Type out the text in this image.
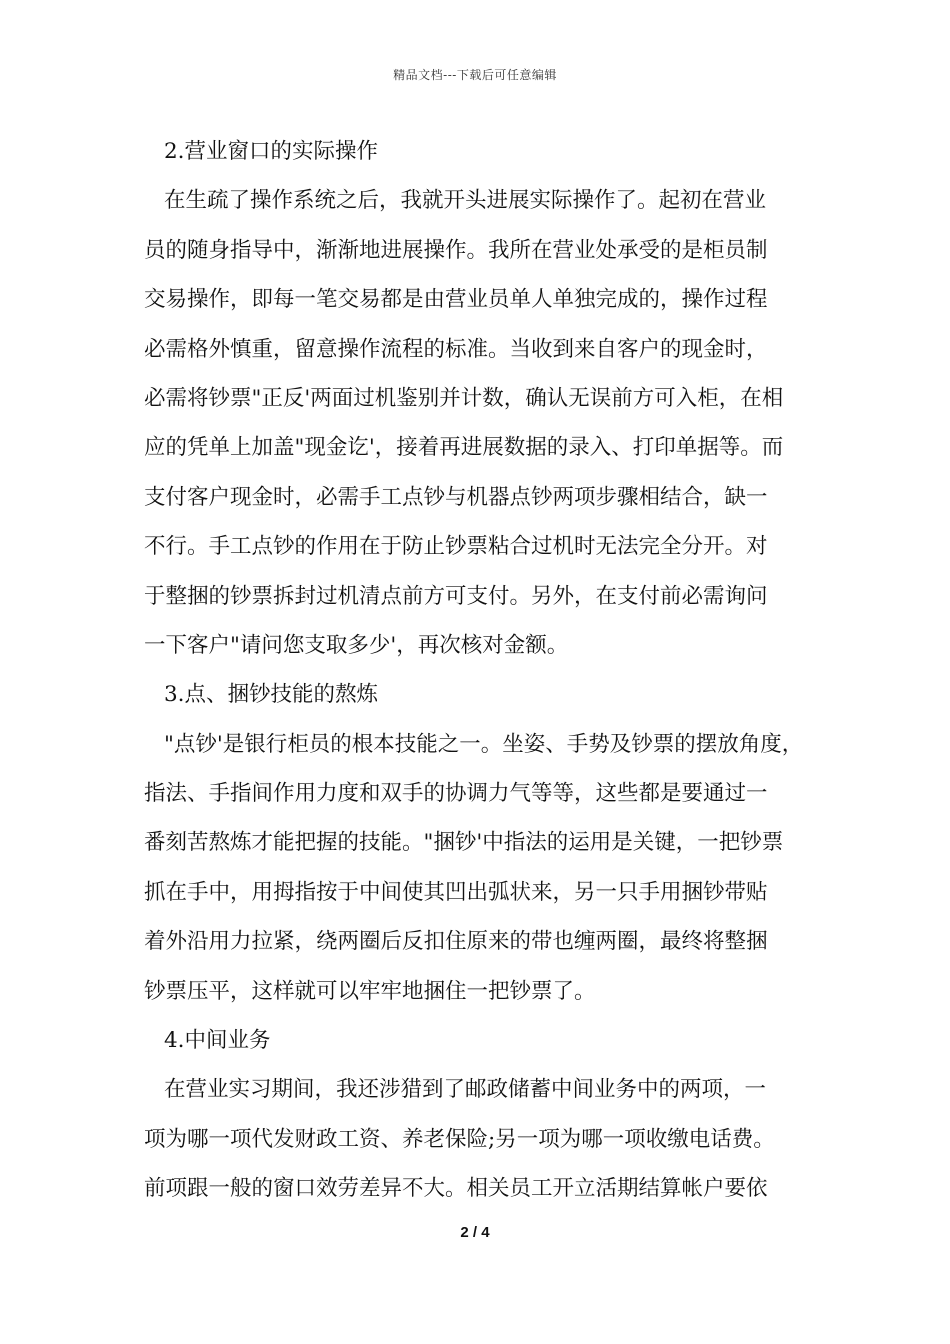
精品文档---下载后可任意编辑
2.营业窗口的实际操作
在生疏了操作系统之后，我就开头进展实际操作了。起初在营业
员的随身指导中，渐渐地进展操作。我所在营业处承受的是柜员制
交易操作，即每一笔交易都是由营业员单人单独完成的，操作过程
必需格外慎重，留意操作流程的标准。当收到来自客户的现金时，
必需将钞票"正反'两面过机鉴别并计数，确认无误前方可入柜，在相
应的凭单上加盖"现金讫'，接着再进展数据的录入、打印单据等。而
支付客户现金时，必需手工点钞与机器点钞两项步骤相结合，缺一
不行。手工点钞的作用在于防止钞票粘合过机时无法完全分开。对
于整捆的钞票拆封过机清点前方可支付。另外，在支付前必需询问
一下客户"请问您支取多少'，再次核对金额。
3.点、捆钞技能的熬炼
"点钞'是银行柜员的根本技能之一。坐姿、手势及钞票的摆放角度，
指法、手指间作用力度和双手的协调力气等等，这些都是要通过一
番刻苦熬炼才能把握的技能。"捆钞'中指法的运用是关键，一把钞票
抓在手中，用拇指按于中间使其凹出弧状来，另一只手用捆钞带贴
着外沿用力拉紧，绕两圈后反扣住原来的带也缠两圈，最终将整捆
钞票压平，这样就可以牢牢地捆住一把钞票了。
4.中间业务
在营业实习期间，我还涉猎到了邮政储蓄中间业务中的两项，一
项为哪一项代发财政工资、养老保险;另一项为哪一项收缴电话费。
前项跟一般的窗口效劳差异不大。相关员工开立活期结算帐户要依
2 / 4
